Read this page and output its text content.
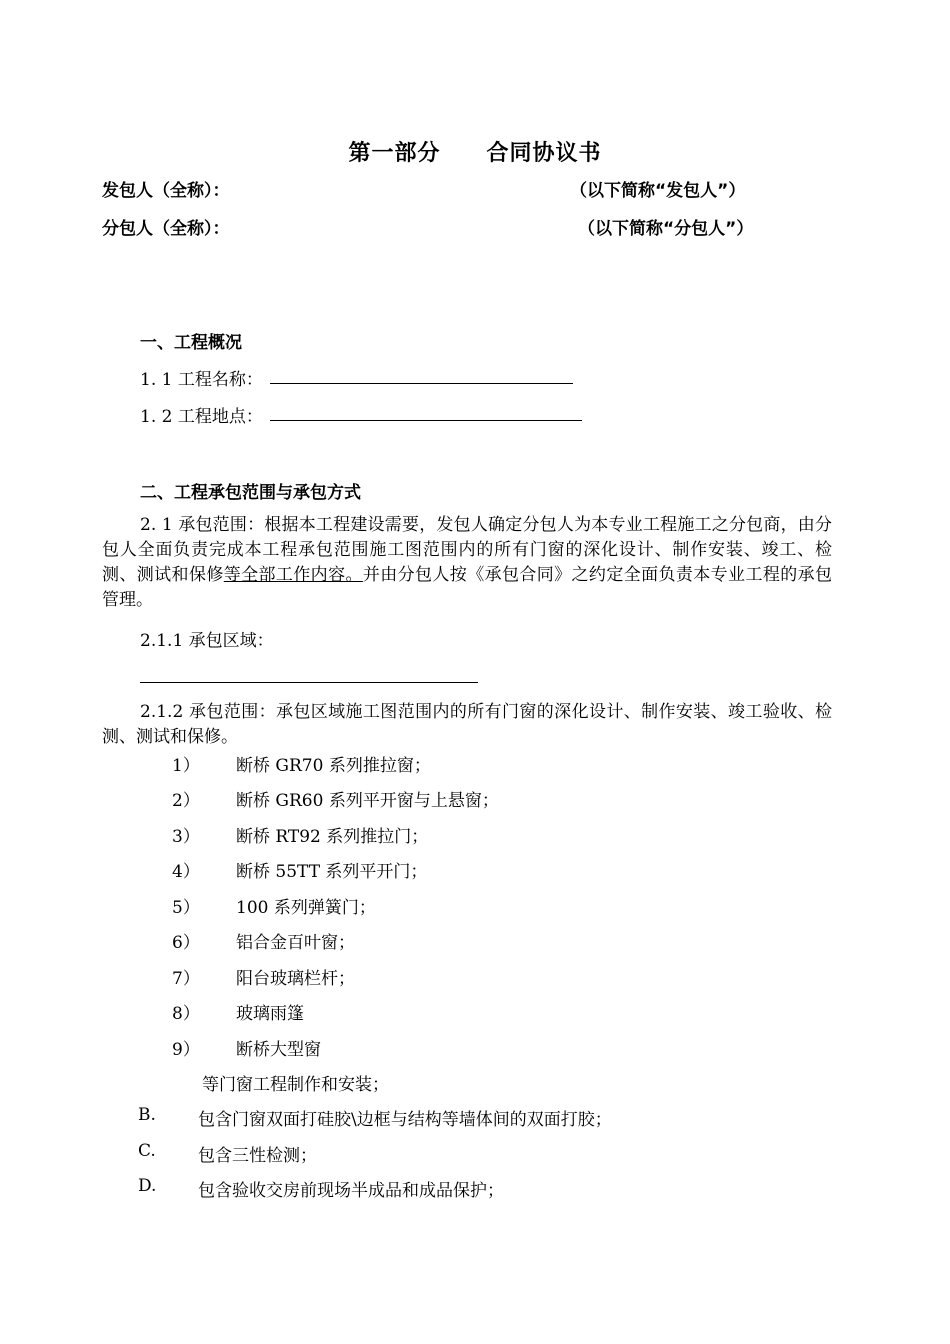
第一部分 合同协议书
发包人（全称）：	（以下简称“发包人”）
分包人（全称）：	（以下简称“分包人”）
一、工程概况
1. 1 工程名称：
1. 2 工程地点：
二、工程承包范围与承包方式
2. 1 承包范围：根据本工程建设需要，发包人确定分包人为本专业工程施工之分包商，由分包人全面负责完成本工程承包范围施工图范围内的所有门窗的深化设计、制作安装、竣工、检测、测试和保修等全部工作内容。并由分包人按《承包合同》之约定全面负责本专业工程的承包管理。
2.1.1 承包区域：
2.1.2 承包范围：承包区域施工图范围内的所有门窗的深化设计、制作安装、竣工验收、检测、测试和保修。
1） 断桥 GR70 系列推拉窗；
2） 断桥 GR60 系列平开窗与上悬窗；
3） 断桥 RT92 系列推拉门；
4） 断桥 55TT 系列平开门；
5） 100 系列弹簧门；
6） 铝合金百叶窗；
7） 阳台玻璃栏杆；
8） 玻璃雨篷
9） 断桥大型窗
等门窗工程制作和安装；
B. 包含门窗双面打硅胶\边框与结构等墙体间的双面打胶；
C. 包含三性检测；
D. 包含验收交房前现场半成品和成品保护；
